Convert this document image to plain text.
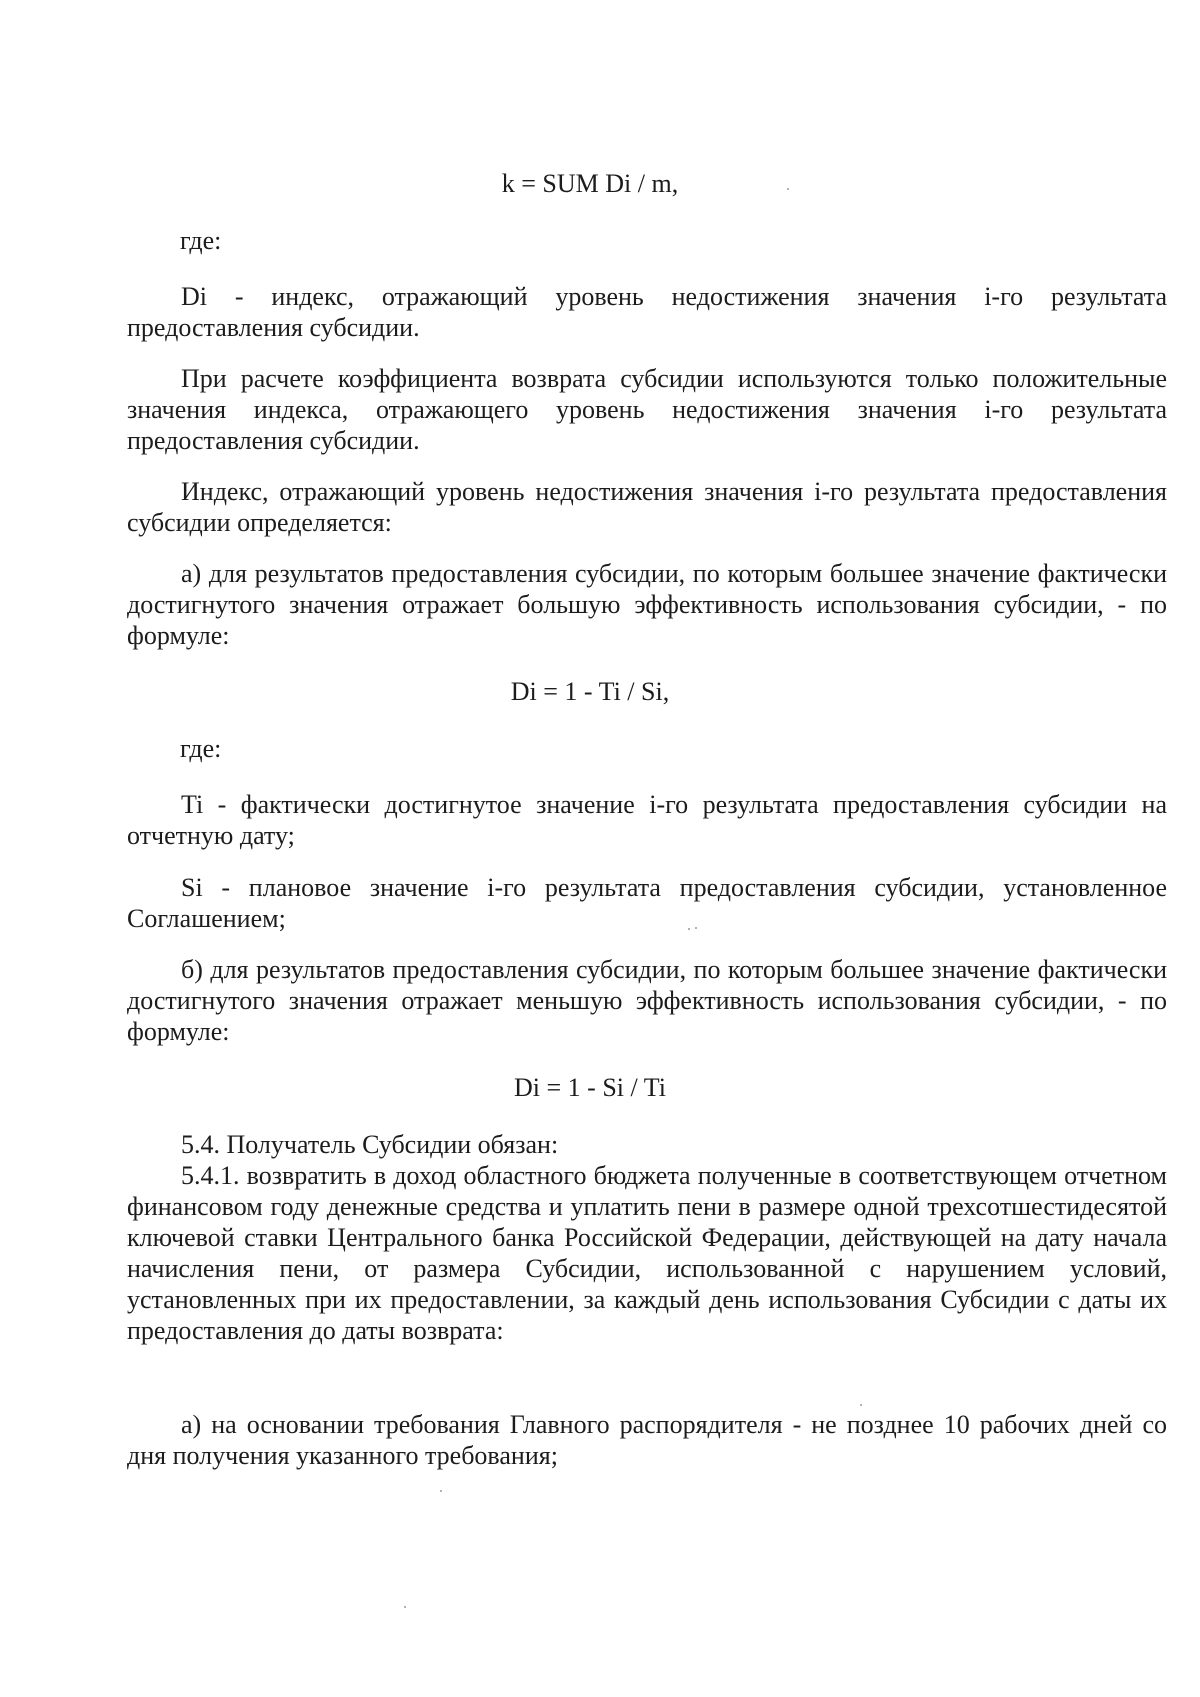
k = SUM Di / m,

где:

Di - индекс, отражающий уровень недостижения значения i-го результата предоставления субсидии.

При расчете коэффициента возврата субсидии используются только положительные значения индекса, отражающего уровень недостижения значения i-го результата предоставления субсидии.

Индекс, отражающий уровень недостижения значения i-го результата предоставления субсидии определяется:

а) для результатов предоставления субсидии, по которым большее значение фактически достигнутого значения отражает большую эффективность использования субсидии, - по формуле:

Di = 1 - Ti / Si,

где:

Ti - фактически достигнутое значение i-го результата предоставления субсидии на отчетную дату;

Si - плановое значение i-го результата предоставления субсидии, установленное Соглашением;

б) для результатов предоставления субсидии, по которым большее значение фактически достигнутого значения отражает меньшую эффективность использования субсидии, - по формуле:

Di = 1 - Si / Ti

5.4. Получатель Субсидии обязан:

5.4.1. возвратить в доход областного бюджета полученные в соответствующем отчетном финансовом году денежные средства и уплатить пени в размере одной трехсотшестидесятой ключевой ставки Центрального банка Российской Федерации, действующей на дату начала начисления пени, от размера Субсидии, использованной с нарушением условий, установленных при их предоставлении, за каждый день использования Субсидии с даты их предоставления до даты возврата:

а) на основании требования Главного распорядителя - не позднее 10 рабочих дней со дня получения указанного требования;
